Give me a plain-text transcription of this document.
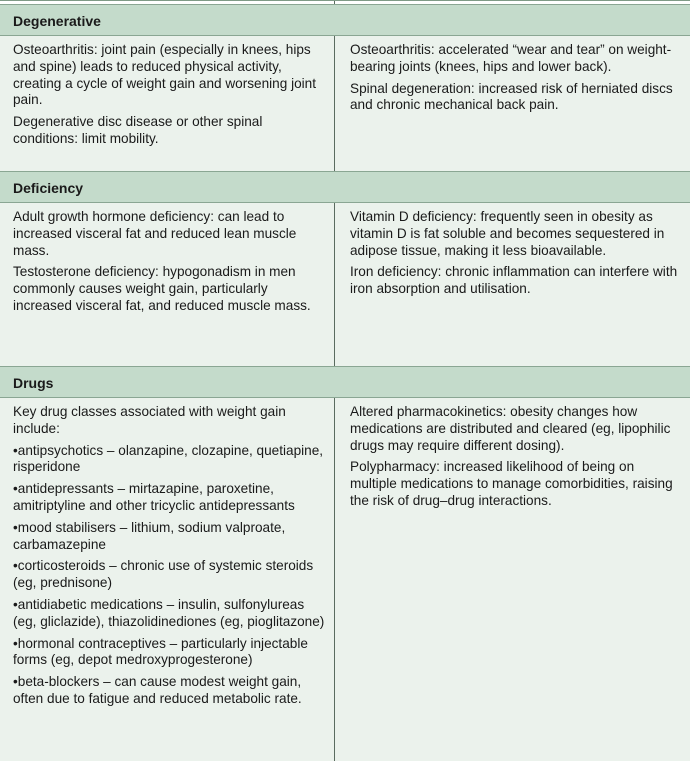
Degenerative

Osteoarthritis: joint pain (especially in knees, hips and spine) leads to reduced physical activity, creating a cycle of weight gain and worsening joint pain.

Degenerative disc disease or other spinal conditions: limit mobility.

Osteoarthritis: accelerated “wear and tear” on weight-bearing joints (knees, hips and lower back).

Spinal degeneration: increased risk of herniated discs and chronic mechanical back pain.

Deficiency

Adult growth hormone deficiency: can lead to increased visceral fat and reduced lean muscle mass.

Testosterone deficiency: hypogonadism in men commonly causes weight gain, particularly increased visceral fat, and reduced muscle mass.

Vitamin D deficiency: frequently seen in obesity as vitamin D is fat soluble and becomes sequestered in adipose tissue, making it less bioavailable.

Iron deficiency: chronic inflammation can interfere with iron absorption and utilisation.

Drugs

Key drug classes associated with weight gain include:

• antipsychotics – olanzapine, clozapine, quetiapine, risperidone

• antidepressants – mirtazapine, paroxetine, amitriptyline and other tricyclic antidepressants

• mood stabilisers – lithium, sodium valproate, carbamazepine

• corticosteroids – chronic use of systemic steroids (eg, prednisone)

• antidiabetic medications – insulin, sulfonylureas (eg, gliclazide), thiazolidinediones (eg, pioglitazone)

• hormonal contraceptives – particularly injectable forms (eg, depot medroxyprogesterone)

• beta-blockers – can cause modest weight gain, often due to fatigue and reduced metabolic rate.

Altered pharmacokinetics: obesity changes how medications are distributed and cleared (eg, lipophilic drugs may require different dosing).

Polypharmacy: increased likelihood of being on multiple medications to manage comorbidities, raising the risk of drug–drug interactions.
